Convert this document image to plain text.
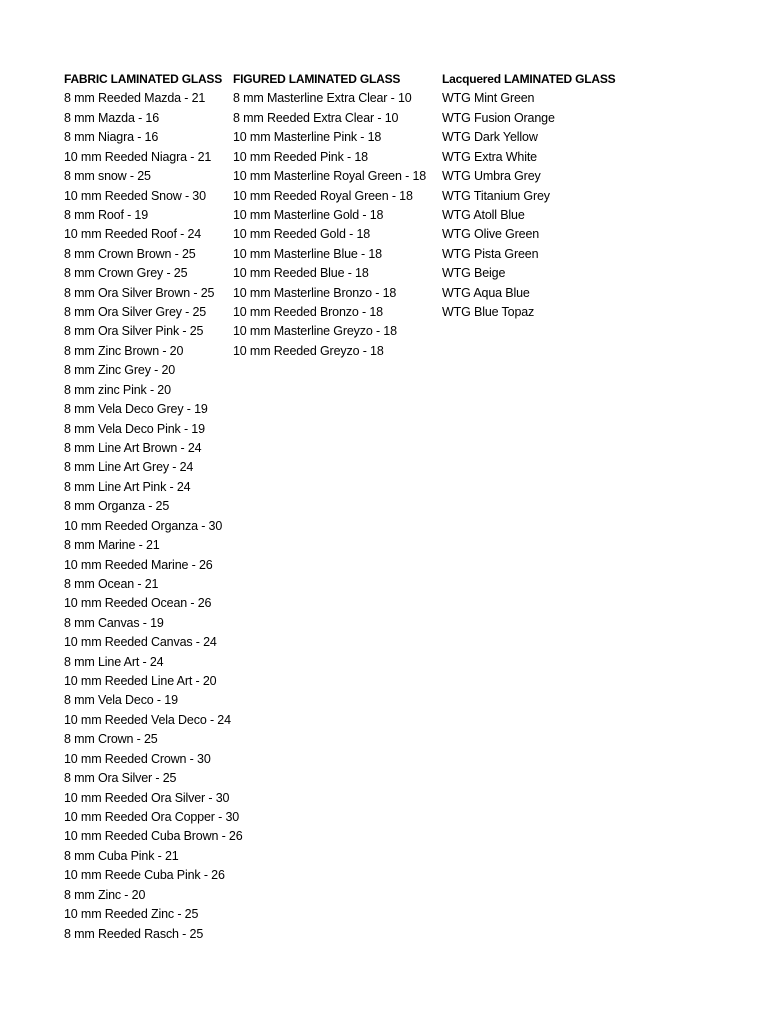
FABRIC LAMINATED GLASS
8 mm Reeded Mazda - 21
8 mm Mazda - 16
8 mm Niagra - 16
10 mm Reeded Niagra - 21
8 mm snow - 25
10 mm Reeded Snow - 30
8 mm Roof - 19
10 mm Reeded Roof - 24
8 mm Crown Brown - 25
8 mm Crown Grey - 25
8 mm Ora Silver Brown - 25
8 mm Ora Silver Grey - 25
8 mm Ora Silver Pink - 25
8 mm Zinc Brown - 20
8 mm Zinc Grey - 20
8 mm zinc Pink - 20
8 mm Vela Deco Grey - 19
8 mm Vela Deco Pink - 19
8 mm Line Art Brown - 24
8 mm Line Art Grey - 24
8 mm Line Art Pink - 24
8 mm Organza - 25
10 mm Reeded Organza - 30
8 mm Marine - 21
10 mm Reeded Marine - 26
8 mm Ocean - 21
10 mm Reeded Ocean - 26
8 mm Canvas - 19
10 mm Reeded Canvas - 24
8 mm Line Art - 24
10 mm Reeded Line Art - 20
8 mm Vela Deco - 19
10 mm Reeded Vela Deco - 24
8 mm Crown - 25
10 mm Reeded Crown - 30
8 mm Ora Silver - 25
10 mm Reeded Ora Silver - 30
10 mm Reeded Ora Copper - 30
10 mm Reeded Cuba Brown - 26
8 mm Cuba Pink - 21
10 mm Reede Cuba Pink - 26
8 mm Zinc - 20
10 mm Reeded Zinc - 25
8 mm Reeded Rasch - 25
FIGURED LAMINATED GLASS
8 mm Masterline Extra Clear - 10
8 mm Reeded Extra Clear - 10
10 mm Masterline Pink - 18
10 mm Reeded Pink - 18
10 mm Masterline Royal Green - 18
10 mm Reeded Royal Green - 18
10 mm Masterline Gold - 18
10 mm Reeded Gold - 18
10 mm Masterline Blue - 18
10 mm Reeded Blue - 18
10 mm Masterline Bronzo - 18
10 mm Reeded Bronzo - 18
10 mm Masterline Greyzo - 18
10 mm Reeded Greyzo - 18
Lacquered LAMINATED GLASS
WTG Mint Green
WTG Fusion Orange
WTG Dark Yellow
WTG Extra White
WTG Umbra Grey
WTG Titanium Grey
WTG Atoll Blue
WTG Olive Green
WTG Pista Green
WTG Beige
WTG Aqua Blue
WTG Blue Topaz
